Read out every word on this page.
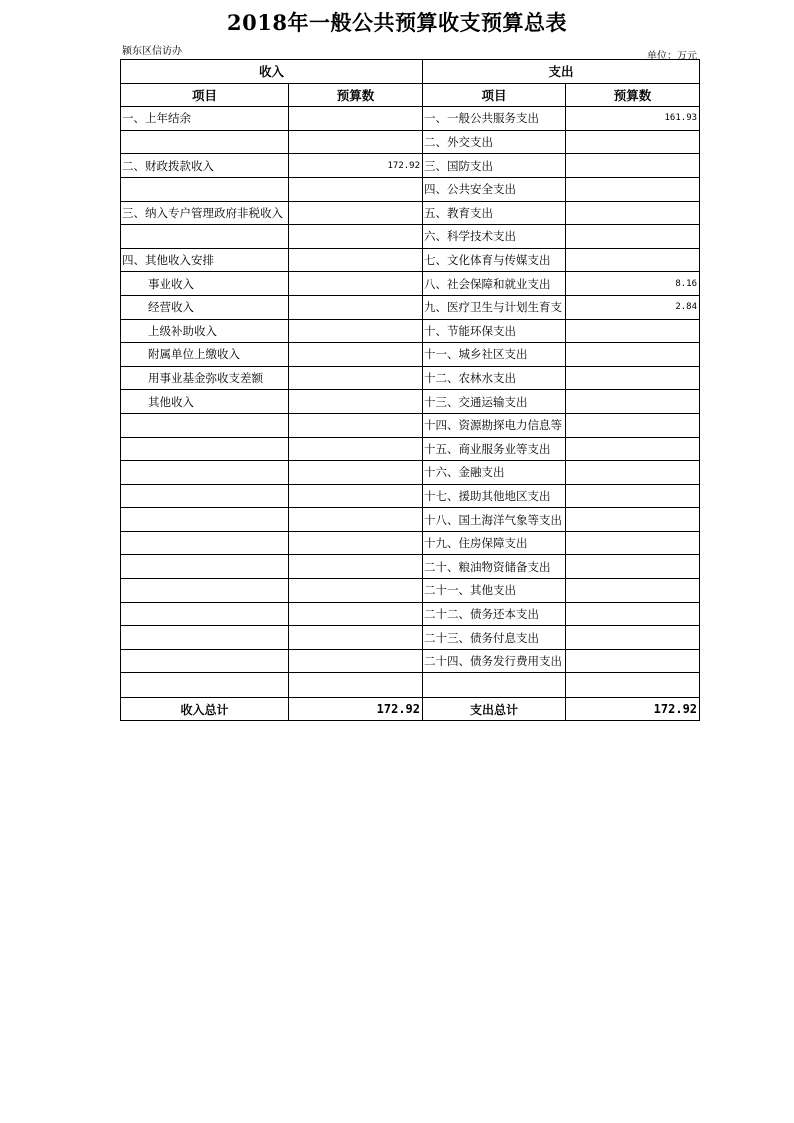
2018年一般公共预算收支预算总表
颍东区信访办	单位：万元
收入		支出	
项目	预算数	项目	预算数
一、上年结余		一、一般公共服务支出	161.93
		二、外交支出	
二、财政拨款收入	172.92	三、国防支出	
		四、公共安全支出	
三、纳入专户管理政府非税收入		五、教育支出	
		六、科学技术支出	
四、其他收入安排		七、文化体育与传媒支出	
事业收入		八、社会保障和就业支出	8.16
经营收入		九、医疗卫生与计划生育支	2.84
上级补助收入		十、节能环保支出	
附属单位上缴收入		十一、城乡社区支出	
用事业基金弥收支差额		十二、农林水支出	
其他收入		十三、交通运输支出	
		十四、资源勘探电力信息等	
		十五、商业服务业等支出	
		十六、金融支出	
		十七、援助其他地区支出	
		十八、国土海洋气象等支出	
		十九、住房保障支出	
		二十、粮油物资储备支出	
		二十一、其他支出	
		二十二、债务还本支出	
		二十三、债务付息支出	
		二十四、债务发行费用支出	

收入总计	172.92	支出总计	172.92
